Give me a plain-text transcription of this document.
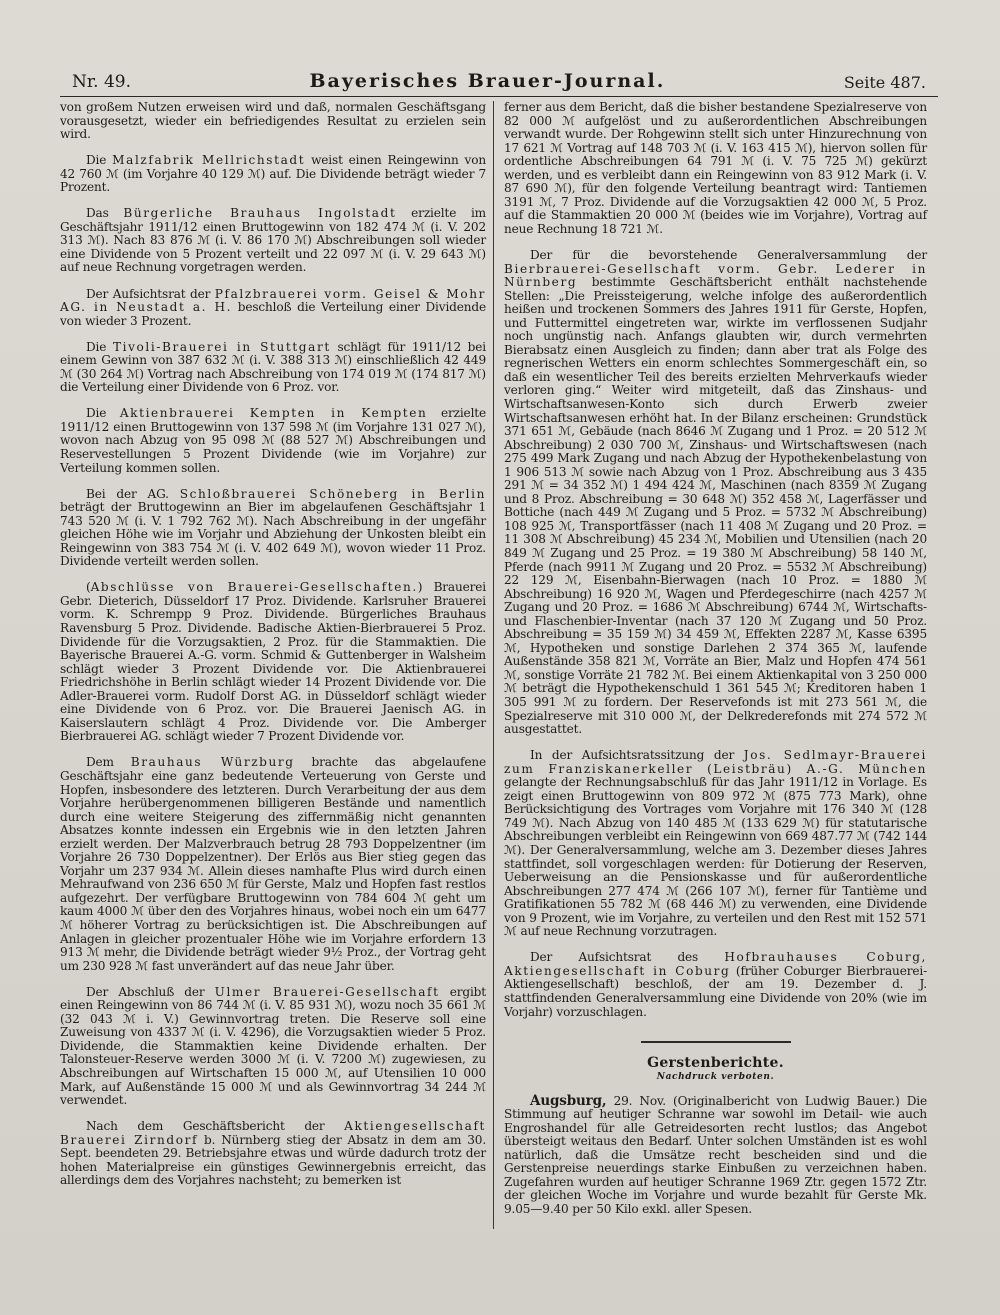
Nr. 49.	Bayerisches Brauer-Journal.	Seite 487.

von großem Nutzen erweisen wird und daß, normalen Geschäftsgang vorausgesetzt, wieder ein befriedigendes Resultat zu erzielen sein wird.

Die Malzfabrik Mellrichstadt weist einen Reingewinn von 42 760 ℳ (im Vorjahre 40 129 ℳ) auf. Die Dividende beträgt wieder 7 Prozent.

Das Bürgerliche Brauhaus Ingolstadt erzielte im Geschäftsjahr 1911/12 einen Bruttogewinn von 182 474 ℳ (i. V. 202 313 ℳ). Nach 83 876 ℳ (i. V. 86 170 ℳ) Abschreibungen soll wieder eine Dividende von 5 Prozent verteilt und 22 097 ℳ (i. V. 29 643 ℳ) auf neue Rechnung vorgetragen werden.

Der Aufsichtsrat der Pfalzbrauerei vorm. Geisel & Mohr AG. in Neustadt a. H. beschloß die Verteilung einer Dividende von wieder 3 Prozent.

Die Tivoli-Brauerei in Stuttgart schlägt für 1911/12 bei einem Gewinn von 387 632 ℳ (i. V. 388 313 ℳ) einschließlich 42 449 ℳ (30 264 ℳ) Vortrag nach Abschreibung von 174 019 ℳ (174 817 ℳ) die Verteilung einer Dividende von 6 Proz. vor.

Die Aktienbrauerei Kempten in Kempten erzielte 1911/12 einen Bruttogewinn von 137 598 ℳ (im Vorjahre 131 027 ℳ), wovon nach Abzug von 95 098 ℳ (88 527 ℳ) Abschreibungen und Reservestellungen 5 Prozent Dividende (wie im Vorjahre) zur Verteilung kommen sollen.

Bei der AG. Schloßbrauerei Schöneberg in Berlin beträgt der Bruttogewinn an Bier im abgelaufenen Geschäftsjahr 1 743 520 ℳ (i. V. 1 792 762 ℳ). Nach Abschreibung in der ungefähr gleichen Höhe wie im Vorjahr und Abziehung der Unkosten bleibt ein Reingewinn von 383 754 ℳ (i. V. 402 649 ℳ), wovon wieder 11 Proz. Dividende verteilt werden sollen.

(Abschlüsse von Brauerei-Gesellschaften.) Brauerei Gebr. Dieterich, Düsseldorf 17 Proz. Dividende. Karlsruher Brauerei vorm. K. Schrempp 9 Proz. Dividende. Bürgerliches Brauhaus Ravensburg 5 Proz. Dividende. Badische Aktien-Bierbrauerei 5 Proz. Dividende für die Vorzugsaktien, 2 Proz. für die Stammaktien. Die Bayerische Brauerei A.-G. vorm. Schmid & Guttenberger in Walsheim schlägt wieder 3 Prozent Dividende vor. Die Aktienbrauerei Friedrichshöhe in Berlin schlägt wieder 14 Prozent Dividende vor. Die Adler-Brauerei vorm. Rudolf Dorst AG. in Düsseldorf schlägt wieder eine Dividende von 6 Proz. vor. Die Brauerei Jaenisch AG. in Kaiserslautern schlägt 4 Proz. Dividende vor. Die Amberger Bierbrauerei AG. schlägt wieder 7 Prozent Dividende vor.

Dem Brauhaus Würzburg brachte das abgelaufene Geschäftsjahr eine ganz bedeutende Verteuerung von Gerste und Hopfen, insbesondere des letzteren. Durch Verarbeitung der aus dem Vorjahre herübergenommenen billigeren Bestände und namentlich durch eine weitere Steigerung des ziffernmäßig nicht genannten Absatzes konnte indessen ein Ergebnis wie in den letzten Jahren erzielt werden. Der Malzverbrauch betrug 28 793 Doppelzentner (im Vorjahre 26 730 Doppelzentner). Der Erlös aus Bier stieg gegen das Vorjahr um 237 934 ℳ. Allein dieses namhafte Plus wird durch einen Mehraufwand von 236 650 ℳ für Gerste, Malz und Hopfen fast restlos aufgezehrt. Der verfügbare Bruttogewinn von 784 604 ℳ geht um kaum 4000 ℳ über den des Vorjahres hinaus, wobei noch ein um 6477 ℳ höherer Vortrag zu berücksichtigen ist. Die Abschreibungen auf Anlagen in gleicher prozentualer Höhe wie im Vorjahre erfordern 13 913 ℳ mehr, die Dividende beträgt wieder 9½ Proz., der Vortrag geht um 230 928 ℳ fast unverändert auf das neue Jahr über.

Der Abschluß der Ulmer Brauerei-Gesellschaft ergibt einen Reingewinn von 86 744 ℳ (i. V. 85 931 ℳ), wozu noch 35 661 ℳ (32 043 ℳ i. V.) Gewinnvortrag treten. Die Reserve soll eine Zuweisung von 4337 ℳ (i. V. 4296), die Vorzugsaktien wieder 5 Proz. Dividende, die Stammaktien keine Dividende erhalten. Der Talonsteuer-Reserve werden 3000 ℳ (i. V. 7200 ℳ) zugewiesen, zu Abschreibungen auf Wirtschaften 15 000 ℳ, auf Utensilien 10 000 Mark, auf Außenstände 15 000 ℳ und als Gewinnvortrag 34 244 ℳ verwendet.

Nach dem Geschäftsbericht der Aktiengesellschaft Brauerei Zirndorf b. Nürnberg stieg der Absatz in dem am 30. Sept. beendeten 29. Betriebsjahre etwas und würde dadurch trotz der hohen Materialpreise ein günstiges Gewinnergebnis erreicht, das allerdings dem des Vorjahres nachsteht; zu bemerken ist

ferner aus dem Bericht, daß die bisher bestandene Spezialreserve von 82 000 ℳ aufgelöst und zu außerordentlichen Abschreibungen verwandt wurde. Der Rohgewinn stellt sich unter Hinzurechnung von 17 621 ℳ Vortrag auf 148 703 ℳ (i. V. 163 415 ℳ), hiervon sollen für ordentliche Abschreibungen 64 791 ℳ (i. V. 75 725 ℳ) gekürzt werden, und es verbleibt dann ein Reingewinn von 83 912 Mark (i. V. 87 690 ℳ), für den folgende Verteilung beantragt wird: Tantiemen 3191 ℳ, 7 Proz. Dividende auf die Vorzugsaktien 42 000 ℳ, 5 Proz. auf die Stammaktien 20 000 ℳ (beides wie im Vorjahre), Vortrag auf neue Rechnung 18 721 ℳ.

Der für die bevorstehende Generalversammlung der Bierbrauerei-Gesellschaft vorm. Gebr. Lederer in Nürnberg bestimmte Geschäftsbericht enthält nachstehende Stellen: „Die Preissteigerung, welche infolge des außerordentlich heißen und trockenen Sommers des Jahres 1911 für Gerste, Hopfen, und Futtermittel eingetreten war, wirkte im verflossenen Sudjahr noch ungünstig nach. Anfangs glaubten wir, durch vermehrten Bierabsatz einen Ausgleich zu finden; dann aber trat als Folge des regnerischen Wetters ein enorm schlechtes Sommergeschäft ein, so daß ein wesentlicher Teil des bereits erzielten Mehrverkaufs wieder verloren ging.“ Weiter wird mitgeteilt, daß das Zinshaus- und Wirtschaftsanwesen-Konto sich durch Erwerb zweier Wirtschaftsanwesen erhöht hat. In der Bilanz erscheinen: Grundstück 371 651 ℳ, Gebäude (nach 8646 ℳ Zugang und 1 Proz. = 20 512 ℳ Abschreibung) 2 030 700 ℳ, Zinshaus- und Wirtschaftswesen (nach 275 499 Mark Zugang und nach Abzug der Hypothekenbelastung von 1 906 513 ℳ sowie nach Abzug von 1 Proz. Abschreibung aus 3 435 291 ℳ = 34 352 ℳ) 1 494 424 ℳ, Maschinen (nach 8359 ℳ Zugang und 8 Proz. Abschreibung = 30 648 ℳ) 352 458 ℳ, Lagerfässer und Bottiche (nach 449 ℳ Zugang und 5 Proz. = 5732 ℳ Abschreibung) 108 925 ℳ, Transportfässer (nach 11 408 ℳ Zugang und 20 Proz. = 11 308 ℳ Abschreibung) 45 234 ℳ, Mobilien und Utensilien (nach 20 849 ℳ Zugang und 25 Proz. = 19 380 ℳ Abschreibung) 58 140 ℳ, Pferde (nach 9911 ℳ Zugang und 20 Proz. = 5532 ℳ Abschreibung) 22 129 ℳ, Eisenbahn-Bierwagen (nach 10 Proz. = 1880 ℳ Abschreibung) 16 920 ℳ, Wagen und Pferdegeschirre (nach 4257 ℳ Zugang und 20 Proz. = 1686 ℳ Abschreibung) 6744 ℳ, Wirtschafts- und Flaschenbier-Inventar (nach 37 120 ℳ Zugang und 50 Proz. Abschreibung = 35 159 ℳ) 34 459 ℳ, Effekten 2287 ℳ, Kasse 6395 ℳ, Hypotheken und sonstige Darlehen 2 374 365 ℳ, laufende Außenstände 358 821 ℳ, Vorräte an Bier, Malz und Hopfen 474 561 ℳ, sonstige Vorräte 21 782 ℳ. Bei einem Aktienkapital von 3 250 000 ℳ beträgt die Hypothekenschuld 1 361 545 ℳ; Kreditoren haben 1 305 991 ℳ zu fordern. Der Reservefonds ist mit 273 561 ℳ, die Spezialreserve mit 310 000 ℳ, der Delkrederefonds mit 274 572 ℳ ausgestattet.

In der Aufsichtsratssitzung der Jos. Sedlmayr-Brauerei zum Franziskanerkeller (Leistbräu) A.-G. München gelangte der Rechnungsabschluß für das Jahr 1911/12 in Vorlage. Es zeigt einen Bruttogewinn von 809 972 ℳ (875 773 Mark), ohne Berücksichtigung des Vortrages vom Vorjahre mit 176 340 ℳ (128 749 ℳ). Nach Abzug von 140 485 ℳ (133 629 ℳ) für statutarische Abschreibungen verbleibt ein Reingewinn von 669 487.77 ℳ (742 144 ℳ). Der Generalversammlung, welche am 3. Dezember dieses Jahres stattfindet, soll vorgeschlagen werden: für Dotierung der Reserven, Ueberweisung an die Pensionskasse und für außerordentliche Abschreibungen 277 474 ℳ (266 107 ℳ), ferner für Tantième und Gratifikationen 55 782 ℳ (68 446 ℳ) zu verwenden, eine Dividende von 9 Prozent, wie im Vorjahre, zu verteilen und den Rest mit 152 571 ℳ auf neue Rechnung vorzutragen.

Der Aufsichtsrat des Hofbrauhauses Coburg, Aktiengesellschaft in Coburg (früher Coburger Bierbrauerei-Aktiengesellschaft) beschloß, der am 19. Dezember d. J. stattfindenden Generalversammlung eine Dividende von 20% (wie im Vorjahr) vorzuschlagen.

Gerstenberichte.
Nachdruck verboten.

Augsburg, 29. Nov. (Originalbericht von Ludwig Bauer.) Die Stimmung auf heutiger Schranne war sowohl im Detail- wie auch Engroshandel für alle Getreidesorten recht lustlos; das Angebot übersteigt weitaus den Bedarf. Unter solchen Umständen ist es wohl natürlich, daß die Umsätze recht bescheiden sind und die Gerstenpreise neuerdings starke Einbußen zu verzeichnen haben. Zugefahren wurden auf heutiger Schranne 1969 Ztr. gegen 1572 Ztr. der gleichen Woche im Vorjahre und wurde bezahlt für Gerste Mk. 9.05—9.40 per 50 Kilo exkl. aller Spesen.
